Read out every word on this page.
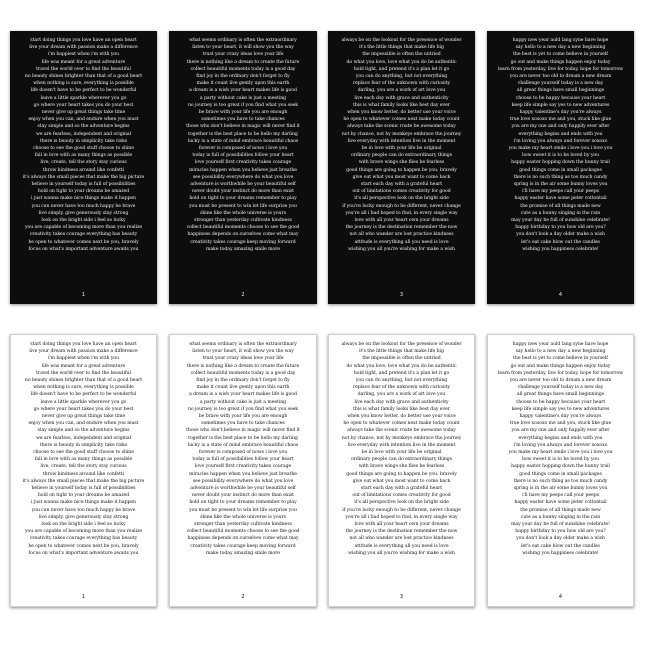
start doing things you love have an open heart
live your dream with passion make a difference
i'm happiest when i'm with you
life was meant for a great adventure
travel the world over to find the beautiful
no beauty shines brighter than that of a good heart
when nothing is sure, everything is possible
life doesn't have to be perfect to be wonderful
leave a little sparkle wherever you go
go where your heart takes you do your best
never give up great things take time
enjoy when you can, and endure when you must
stay simple and so the adventure begins
we are fearless, independent and original
there is beauty in simplicity take risks
choose to see the good stuff choose to shine
fall in love with as many things as possible
live, create, tell the story stay curious
throw kindness around like confetti
it's always the small pieces that make the big picture
believe in yourself today is full of possibilities
hold on tight to your dreams be amazed
i just wanna make nice things make it happen
you can never have too much happy be brave
live simply, give generously stay strong
look on the bright side i feel so lucky
you are capable of becoming more than you realize
creativity takes courage everything has beauty
be open to whatever comes next be you, bravely
focus on what's important adventure awaits you
1
what seems ordinary is often the extraordinary
listen to your heart, it will show you the way
trust your crazy ideas love your life
there is nothing like a dream to create the future
collect beautiful moments today is a good day
find joy in the ordinary don't forget to fly
make it count live gently upon this earth
a dream is a wish your heart makes life is good
a party without cake is just a meeting
no journey is too great if you find what you seek
be brave with your life you are enough
sometimes you have to take chances
those who don't believe in magic will never find it
together is the best place to be hello my darling
lucky is a state of mind embrace beautiful chaos
forever is composed of nows i love you
today is full of possibilities follow your heart
love yourself first creativity takes courage
miracles happen when you believe just breathe
see possibility everywhere do what you love
adventure is worthwhile be your beautiful self
never doubt your instinct do more than exist
hold on tight to your dreams remember to play
you must be present to win let life surprise you
shine like the whole universe is yours
stronger than yesterday cultivate kindness
collect beautiful moments choose to see the good
happiness depends on ourselves come what may
creativity takes courage keep moving forward
make today amazing smile more
2
always be on the lookout for the presence of wonder
it's the little things that make life big
the impossible is often the untried
do what you love, love what you do be authentic
hold tight, and pretend it's a plan let it go
you can do anything, but not everything
replace fear of the unknown with curiosity
darling, you are a work of art love you
live each day with grace and authenticity
this is what family looks like best day ever
when you know better, do better use your voice
be open to whatever comes next make today count
always take the scenic route be awesome today
not by chance, not by monkeys embrace the journey
live everyday with intention live in the moment
be in love with your life be original
ordinary people can do extraordinary things
with brave wings she flies be fearless
good things are going to happen be you, bravely
give out what you most want to come back
start each day with a grateful heart
out of limitations comes creativity for good
it's all perspective look on the bright side
if you're lucky enough to be different, never change
you're all i had hoped to find, in every single way
love with all your heart own your dreams
the journey is the destination remember the now
not all who wander are lost practice kindness
attitude is everything all you need is love
wishing you all you're wishing for make a wish
3
happy new year auld lang syne have hope
say hello to a new day a new beginning
the best is yet to come believe in yourself
go out and make things happen enjoy today
learn from yesterday, live for today, hope for tomorrow
you are never too old to dream a new dream
challenge yourself today is a new day
all great things have small beginnings
choose to be happy because your heart
keep life simple say yes to new adventures
happy valentine's day you're always
true love xoxoxo me and you, stuck like glue
you are my one and only happily ever after
everything begins and ends with you
i'm loving you always and forever xoxoxo
you make my heart smile i love you i love you
how sweet it is to be loved by you
happy easter hopping down the bunny trail
good things come in small packages
there is no such thing as too much candy
spring is in the air some bunny loves you
i'll have my peeps call your peeps
happy easter have some peter cottontail
the promise of all things made new
cute as a bunny singing in the rain
may your day be full of sunshine celebrate!
happy birthday to you how old are you?
you don't look a day older make a wish
let's eat cake blow out the candles
wishing you happiness celebrate!
4
start doing things you love have an open heart
live your dream with passion make a difference
i'm happiest when i'm with you
life was meant for a great adventure
travel the world over to find the beautiful
no beauty shines brighter than that of a good heart
when nothing is sure, everything is possible
life doesn't have to be perfect to be wonderful
leave a little sparkle wherever you go
go where your heart takes you do your best
never give up great things take time
enjoy when you can, and endure when you must
stay simple and so the adventure begins
we are fearless, independent and original
there is beauty in simplicity take risks
choose to see the good stuff choose to shine
fall in love with as many things as possible
live, create, tell the story stay curious
throw kindness around like confetti
it's always the small pieces that make the big picture
believe in yourself today is full of possibilities
hold on tight to your dreams be amazed
i just wanna make nice things make it happen
you can never have too much happy be brave
live simply, give generously stay strong
look on the bright side i feel so lucky
you are capable of becoming more than you realize
creativity takes courage everything has beauty
be open to whatever comes next be you, bravely
focus on what's important adventure awaits you
1
what seems ordinary is often the extraordinary
listen to your heart, it will show you the way
trust your crazy ideas love your life
there is nothing like a dream to create the future
collect beautiful moments today is a good day
find joy in the ordinary don't forget to fly
make it count live gently upon this earth
a dream is a wish your heart makes life is good
a party without cake is just a meeting
no journey is too great if you find what you seek
be brave with your life you are enough
sometimes you have to take chances
those who don't believe in magic will never find it
together is the best place to be hello my darling
lucky is a state of mind embrace beautiful chaos
forever is composed of nows i love you
today is full of possibilities follow your heart
love yourself first creativity takes courage
miracles happen when you believe just breathe
see possibility everywhere do what you love
adventure is worthwhile be your beautiful self
never doubt your instinct do more than exist
hold on tight to your dreams remember to play
you must be present to win let life surprise you
shine like the whole universe is yours
stronger than yesterday cultivate kindness
collect beautiful moments choose to see the good
happiness depends on ourselves come what may
creativity takes courage keep moving forward
make today amazing smile more
2
always be on the lookout for the presence of wonder
it's the little things that make life big
the impossible is often the untried
do what you love, love what you do be authentic
hold tight, and pretend it's a plan let it go
you can do anything, but not everything
replace fear of the unknown with curiosity
darling, you are a work of art love you
live each day with grace and authenticity
this is what family looks like best day ever
when you know better, do better use your voice
be open to whatever comes next make today count
always take the scenic route be awesome today
not by chance, not by monkeys embrace the journey
live everyday with intention live in the moment
be in love with your life be original
ordinary people can do extraordinary things
with brave wings she flies be fearless
good things are going to happen be you, bravely
give out what you most want to come back
start each day with a grateful heart
out of limitations comes creativity for good
it's all perspective look on the bright side
if you're lucky enough to be different, never change
you're all i had hoped to find, in every single way
love with all your heart own your dreams
the journey is the destination remember the now
not all who wander are lost practice kindness
attitude is everything all you need is love
wishing you all you're wishing for make a wish
3
happy new year auld lang syne have hope
say hello to a new day a new beginning
the best is yet to come believe in yourself
go out and make things happen enjoy today
learn from yesterday, live for today, hope for tomorrow
you are never too old to dream a new dream
challenge yourself today is a new day
all great things have small beginnings
choose to be happy because your heart
keep life simple say yes to new adventures
happy valentine's day you're always
true love xoxoxo me and you, stuck like glue
you are my one and only happily ever after
everything begins and ends with you
i'm loving you always and forever xoxoxo
you make my heart smile i love you i love you
how sweet it is to be loved by you
happy easter hopping down the bunny trail
good things come in small packages
there is no such thing as too much candy
spring is in the air some bunny loves you
i'll have my peeps call your peeps
happy easter have some peter cottontail
the promise of all things made new
cute as a bunny singing in the rain
may your day be full of sunshine celebrate!
happy birthday to you how old are you?
you don't look a day older make a wish
let's eat cake blow out the candles
wishing you happiness celebrate!
4
